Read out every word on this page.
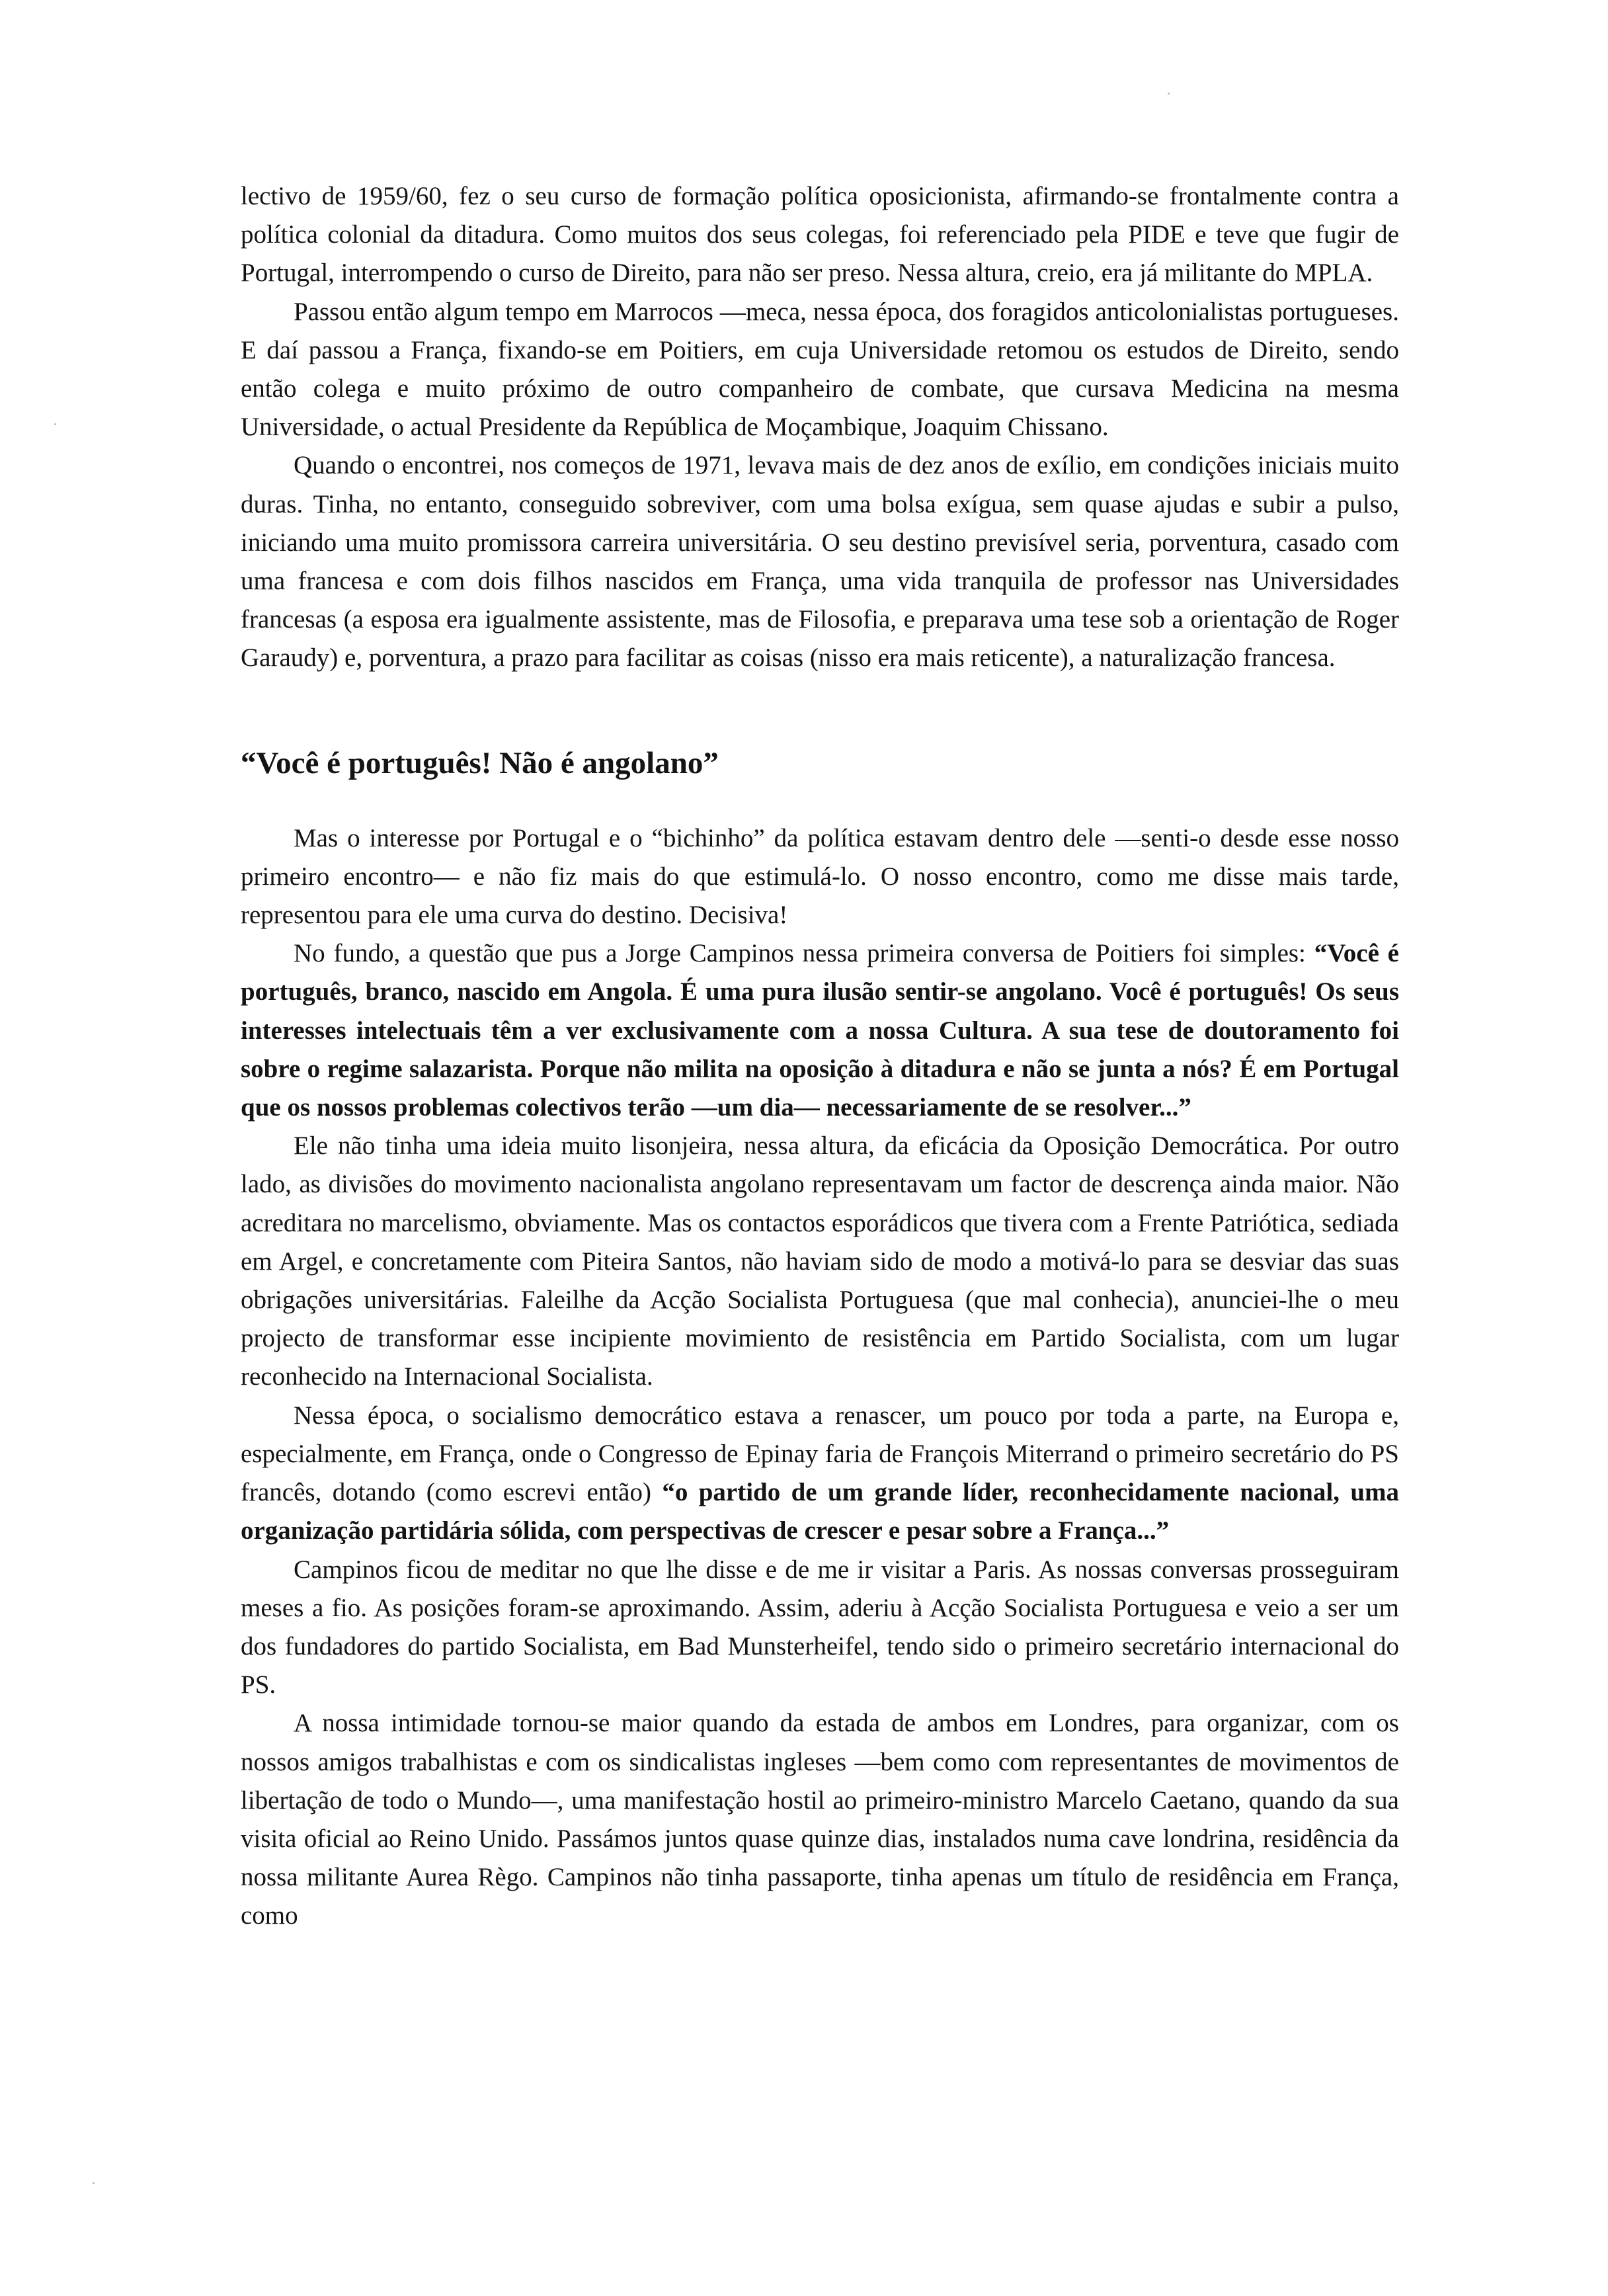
lectivo de 1959/60, fez o seu curso de formação política oposicionista, afirmando-se frontalmente contra a política colonial da ditadura. Como muitos dos seus colegas, foi referenciado pela PIDE e teve que fugir de Portugal, interrompendo o curso de Direito, para não ser preso. Nessa altura, creio, era já militante do MPLA.

Passou então algum tempo em Marrocos —meca, nessa época, dos foragidos anticolonialistas portugueses. E daí passou a França, fixando-se em Poitiers, em cuja Universidade retomou os estudos de Direito, sendo então colega e muito próximo de outro companheiro de combate, que cursava Medicina na mesma Universidade, o actual Presidente da República de Moçambique, Joaquim Chissano.

Quando o encontrei, nos começos de 1971, levava mais de dez anos de exílio, em condições iniciais muito duras. Tinha, no entanto, conseguido sobreviver, com uma bolsa exígua, sem quase ajudas e subir a pulso, iniciando uma muito promissora carreira universitária. O seu destino previsível seria, porventura, casado com uma francesa e com dois filhos nascidos em França, uma vida tranquila de professor nas Universidades francesas (a esposa era igualmente assistente, mas de Filosofia, e preparava uma tese sob a orientação de Roger Garaudy) e, porventura, a prazo para facilitar as coisas (nisso era mais reticente), a naturalização francesa.

“Você é português! Não é angolano”

Mas o interesse por Portugal e o “bichinho” da política estavam dentro dele —senti-o desde esse nosso primeiro encontro— e não fiz mais do que estimulá-lo. O nosso encontro, como me disse mais tarde, representou para ele uma curva do destino. Decisiva!

No fundo, a questão que pus a Jorge Campinos nessa primeira conversa de Poitiers foi simples: “Você é português, branco, nascido em Angola. É uma pura ilusão sentir-se angolano. Você é português! Os seus interesses intelectuais têm a ver exclusivamente com a nossa Cultura. A sua tese de doutoramento foi sobre o regime salazarista. Porque não milita na oposição à ditadura e não se junta a nós? É em Portugal que os nossos problemas colectivos terão —um dia— necessariamente de se resolver...”

Ele não tinha uma ideia muito lisonjeira, nessa altura, da eficácia da Oposição Democrática. Por outro lado, as divisões do movimento nacionalista angolano representavam um factor de descrença ainda maior. Não acreditara no marcelismo, obviamente. Mas os contactos esporádicos que tivera com a Frente Patriótica, sediada em Argel, e concretamente com Piteira Santos, não haviam sido de modo a motivá-lo para se desviar das suas obrigações universitárias. Faleilhe da Acção Socialista Portuguesa (que mal conhecia), anunciei-lhe o meu projecto de transformar esse incipiente movimiento de resistência em Partido Socialista, com um lugar reconhecido na Internacional Socialista.

Nessa época, o socialismo democrático estava a renascer, um pouco por toda a parte, na Europa e, especialmente, em França, onde o Congresso de Epinay faria de François Miterrand o primeiro secretário do PS francês, dotando (como escrevi então) “o partido de um grande líder, reconhecidamente nacional, uma organização partidária sólida, com perspectivas de crescer e pesar sobre a França...”

Campinos ficou de meditar no que lhe disse e de me ir visitar a Paris. As nossas conversas prosseguiram meses a fio. As posições foram-se aproximando. Assim, aderiu à Acção Socialista Portuguesa e veio a ser um dos fundadores do partido Socialista, em Bad Munsterheifel, tendo sido o primeiro secretário internacional do PS.

A nossa intimidade tornou-se maior quando da estada de ambos em Londres, para organizar, com os nossos amigos trabalhistas e com os sindicalistas ingleses —bem como com representantes de movimentos de libertação de todo o Mundo—, uma manifestação hostil ao primeiro-ministro Marcelo Caetano, quando da sua visita oficial ao Reino Unido. Passámos juntos quase quinze dias, instalados numa cave londrina, residência da nossa militante Aurea Règo. Campinos não tinha passaporte, tinha apenas um título de residência em França, como
